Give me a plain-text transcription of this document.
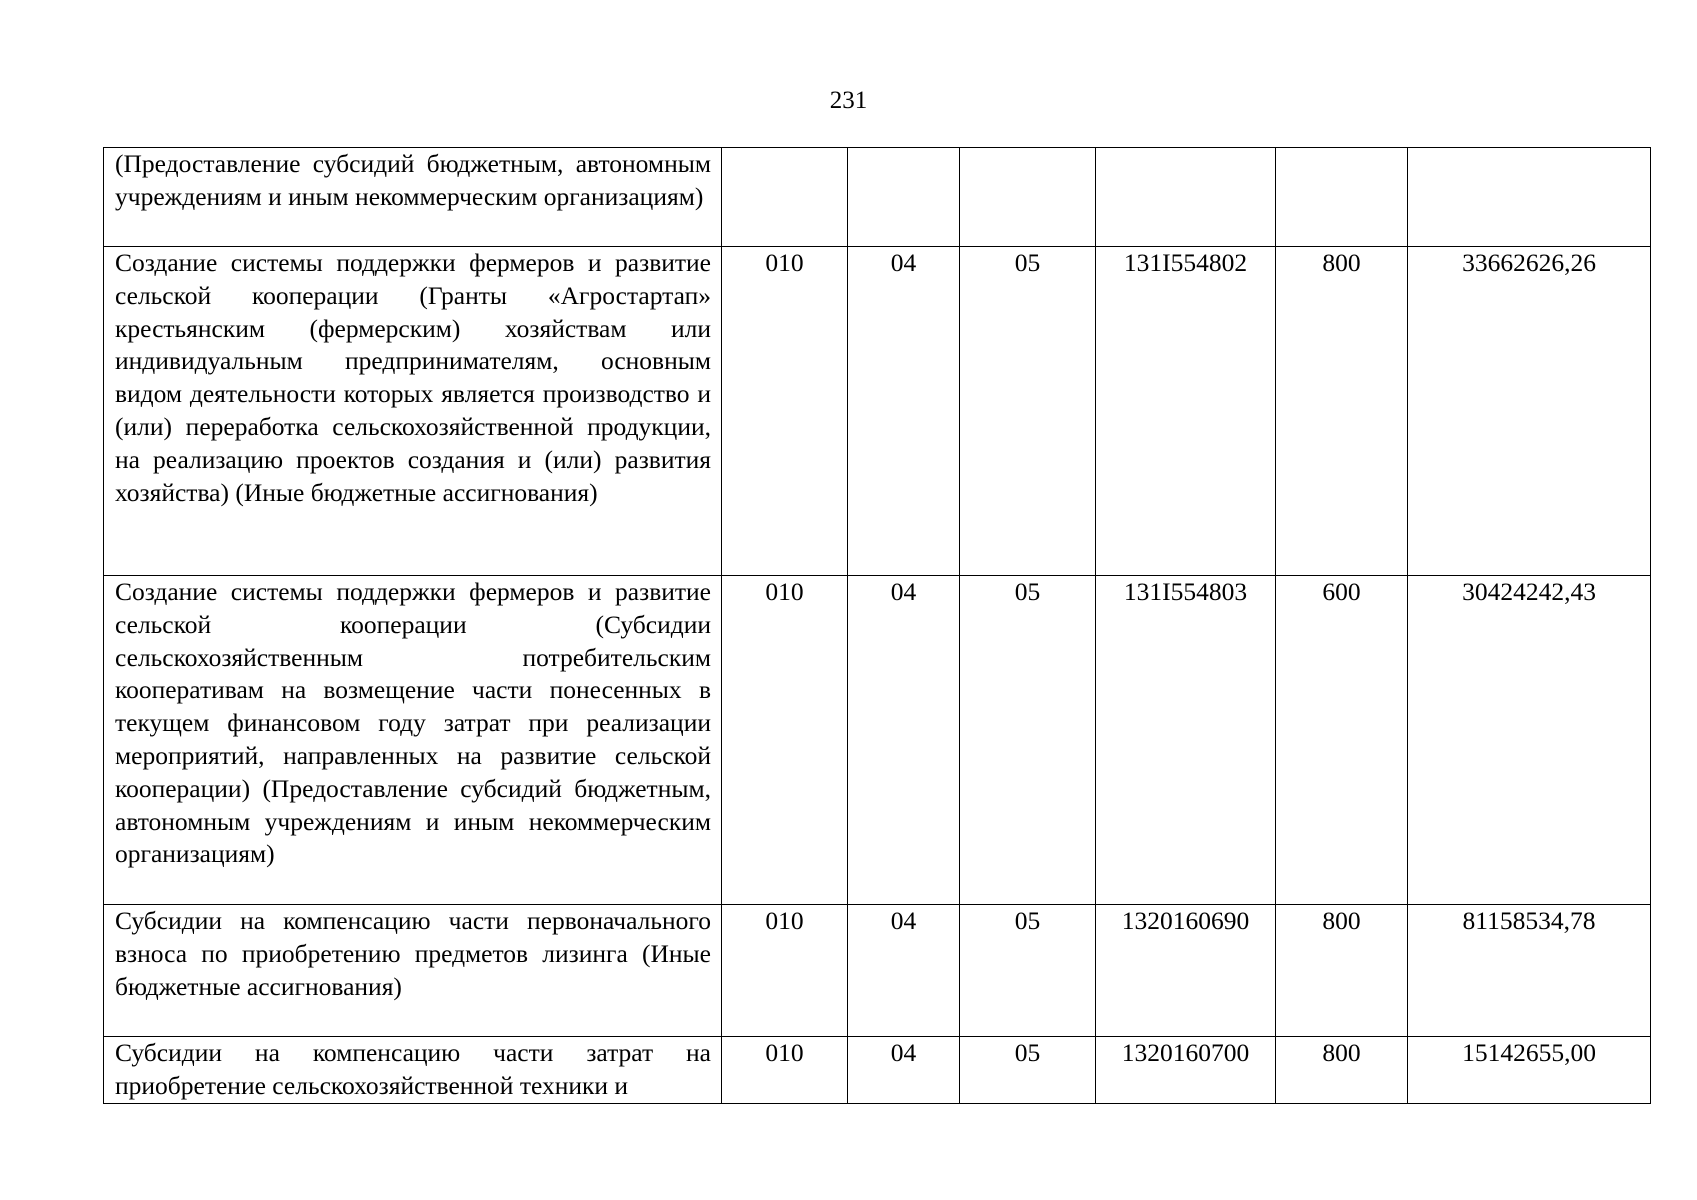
231
(Предоставление субсидий бюджетным, автономным учреждениям и иным некоммерческим организациям)						
Создание системы поддержки фермеров и развитие сельской кооперации (Гранты «Агростартап» крестьянским (фермерским) хозяйствам или индивидуальным предпринимателям, основным видом деятельности которых является производство и (или) переработка сельскохозяйственной продукции, на реализацию проектов создания и (или) развития хозяйства) (Иные бюджетные ассигнования)	010	04	05	131I554802	800	33662626,26
Создание системы поддержки фермеров и развитие сельской кооперации (Субсидии сельскохозяйственным потребительским кооперативам на возмещение части понесенных в текущем финансовом году затрат при реализации мероприятий, направленных на развитие сельской кооперации) (Предоставление субсидий бюджетным, автономным учреждениям и иным некоммерческим организациям)	010	04	05	131I554803	600	30424242,43
Субсидии на компенсацию части первоначального взноса по приобретению предметов лизинга (Иные бюджетные ассигнования)	010	04	05	1320160690	800	81158534,78
Субсидии на компенсацию части затрат на приобретение сельскохозяйственной техники и	010	04	05	1320160700	800	15142655,00
